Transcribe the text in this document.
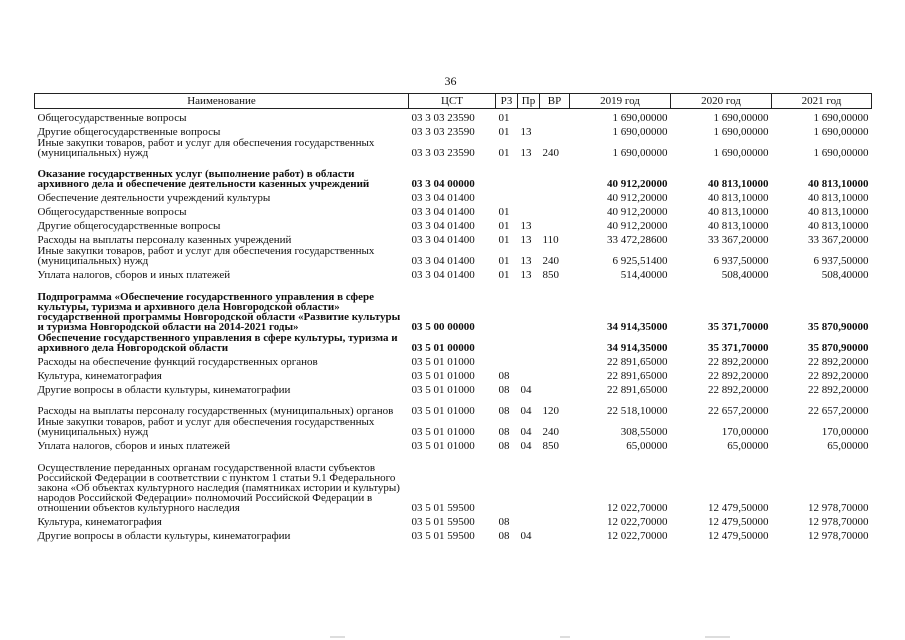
36
Наименование	ЦСТ	РЗ	Пр	ВР	2019 год	2020 год	2021 год
Общегосударственные вопросы	03 3 03 23590	01			1 690,00000	1 690,00000	1 690,00000
Другие общегосударственные вопросы	03 3 03 23590	01	13		1 690,00000	1 690,00000	1 690,00000
Иные закупки товаров, работ и услуг для обеспечения государственных (муниципальных) нужд	03 3 03 23590	01	13	240	1 690,00000	1 690,00000	1 690,00000
Оказание государственных услуг (выполнение работ) в области архивного дела и обеспечение деятельности казенных учреждений	03 3 04 00000				40 912,20000	40 813,10000	40 813,10000
Обеспечение деятельности учреждений культуры	03 3 04 01400				40 912,20000	40 813,10000	40 813,10000
Общегосударственные вопросы	03 3 04 01400	01			40 912,20000	40 813,10000	40 813,10000
Другие общегосударственные вопросы	03 3 04 01400	01	13		40 912,20000	40 813,10000	40 813,10000
Расходы на выплаты персоналу казенных учреждений	03 3 04 01400	01	13	110	33 472,28600	33 367,20000	33 367,20000
Иные закупки товаров, работ и услуг для обеспечения государственных (муниципальных) нужд	03 3 04 01400	01	13	240	6 925,51400	6 937,50000	6 937,50000
Уплата налогов, сборов и иных платежей	03 3 04 01400	01	13	850	514,40000	508,40000	508,40000
Подпрограмма «Обеспечение государственного управления в сфере культуры, туризма и архивного дела Новгородской области» государственной программы Новгородской области «Развитие культуры и туризма Новгородской области на 2014-2021 годы»	03 5 00 00000				34 914,35000	35 371,70000	35 870,90000
Обеспечение государственного управления в сфере культуры, туризма и архивного дела Новгородской области	03 5 01 00000				34 914,35000	35 371,70000	35 870,90000
Расходы на обеспечение функций государственных органов	03 5 01 01000				22 891,65000	22 892,20000	22 892,20000
Культура, кинематография	03 5 01 01000	08			22 891,65000	22 892,20000	22 892,20000
Другие вопросы в области культуры, кинематографии	03 5 01 01000	08	04		22 891,65000	22 892,20000	22 892,20000
Расходы на выплаты персоналу государственных (муниципальных) органов	03 5 01 01000	08	04	120	22 518,10000	22 657,20000	22 657,20000
Иные закупки товаров, работ и услуг для обеспечения государственных (муниципальных) нужд	03 5 01 01000	08	04	240	308,55000	170,00000	170,00000
Уплата налогов, сборов и иных платежей	03 5 01 01000	08	04	850	65,00000	65,00000	65,00000
Осуществление переданных органам государственной власти субъектов Российской Федерации в соответствии с пунктом 1 статьи 9.1 Федерального закона «Об объектах культурного наследия (памятниках истории и культуры) народов Российской Федерации» полномочий Российской Федерации в отношении объектов культурного наследия	03 5 01 59500				12 022,70000	12 479,50000	12 978,70000
Культура, кинематография	03 5 01 59500	08			12 022,70000	12 479,50000	12 978,70000
Другие вопросы в области культуры, кинематографии	03 5 01 59500	08	04		12 022,70000	12 479,50000	12 978,70000
